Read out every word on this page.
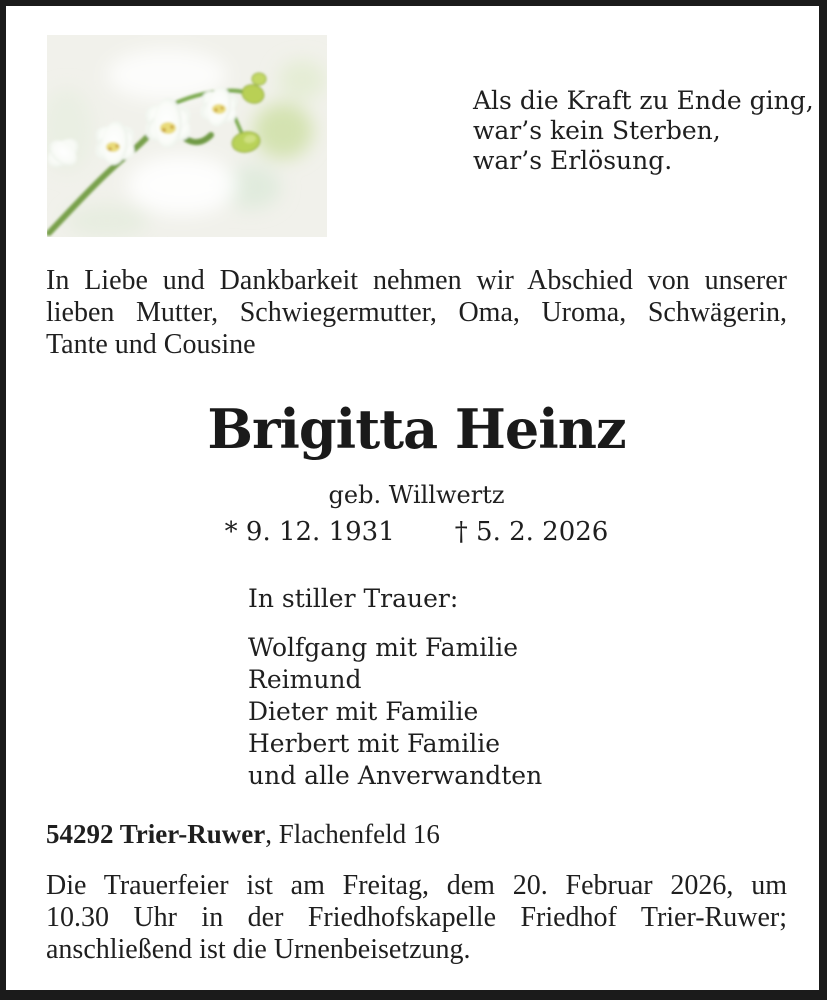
Als die Kraft zu Ende ging,
war’s kein Sterben,
war’s Erlösung.
In Liebe und Dankbarkeit nehmen wir Abschied von unserer
lieben Mutter, Schwiegermutter, Oma, Uroma, Schwägerin,
Tante und Cousine
Brigitta Heinz
geb. Willwertz
* 9. 12. 1931 † 5. 2. 2026
In stiller Trauer:
Wolfgang mit Familie
Reimund
Dieter mit Familie
Herbert mit Familie
und alle Anverwandten
54292 Trier-Ruwer, Flachenfeld 16
Die Trauerfeier ist am Freitag, dem 20. Februar 2026, um
10.30 Uhr in der Friedhofskapelle Friedhof Trier-Ruwer;
anschließend ist die Urnenbeisetzung.
